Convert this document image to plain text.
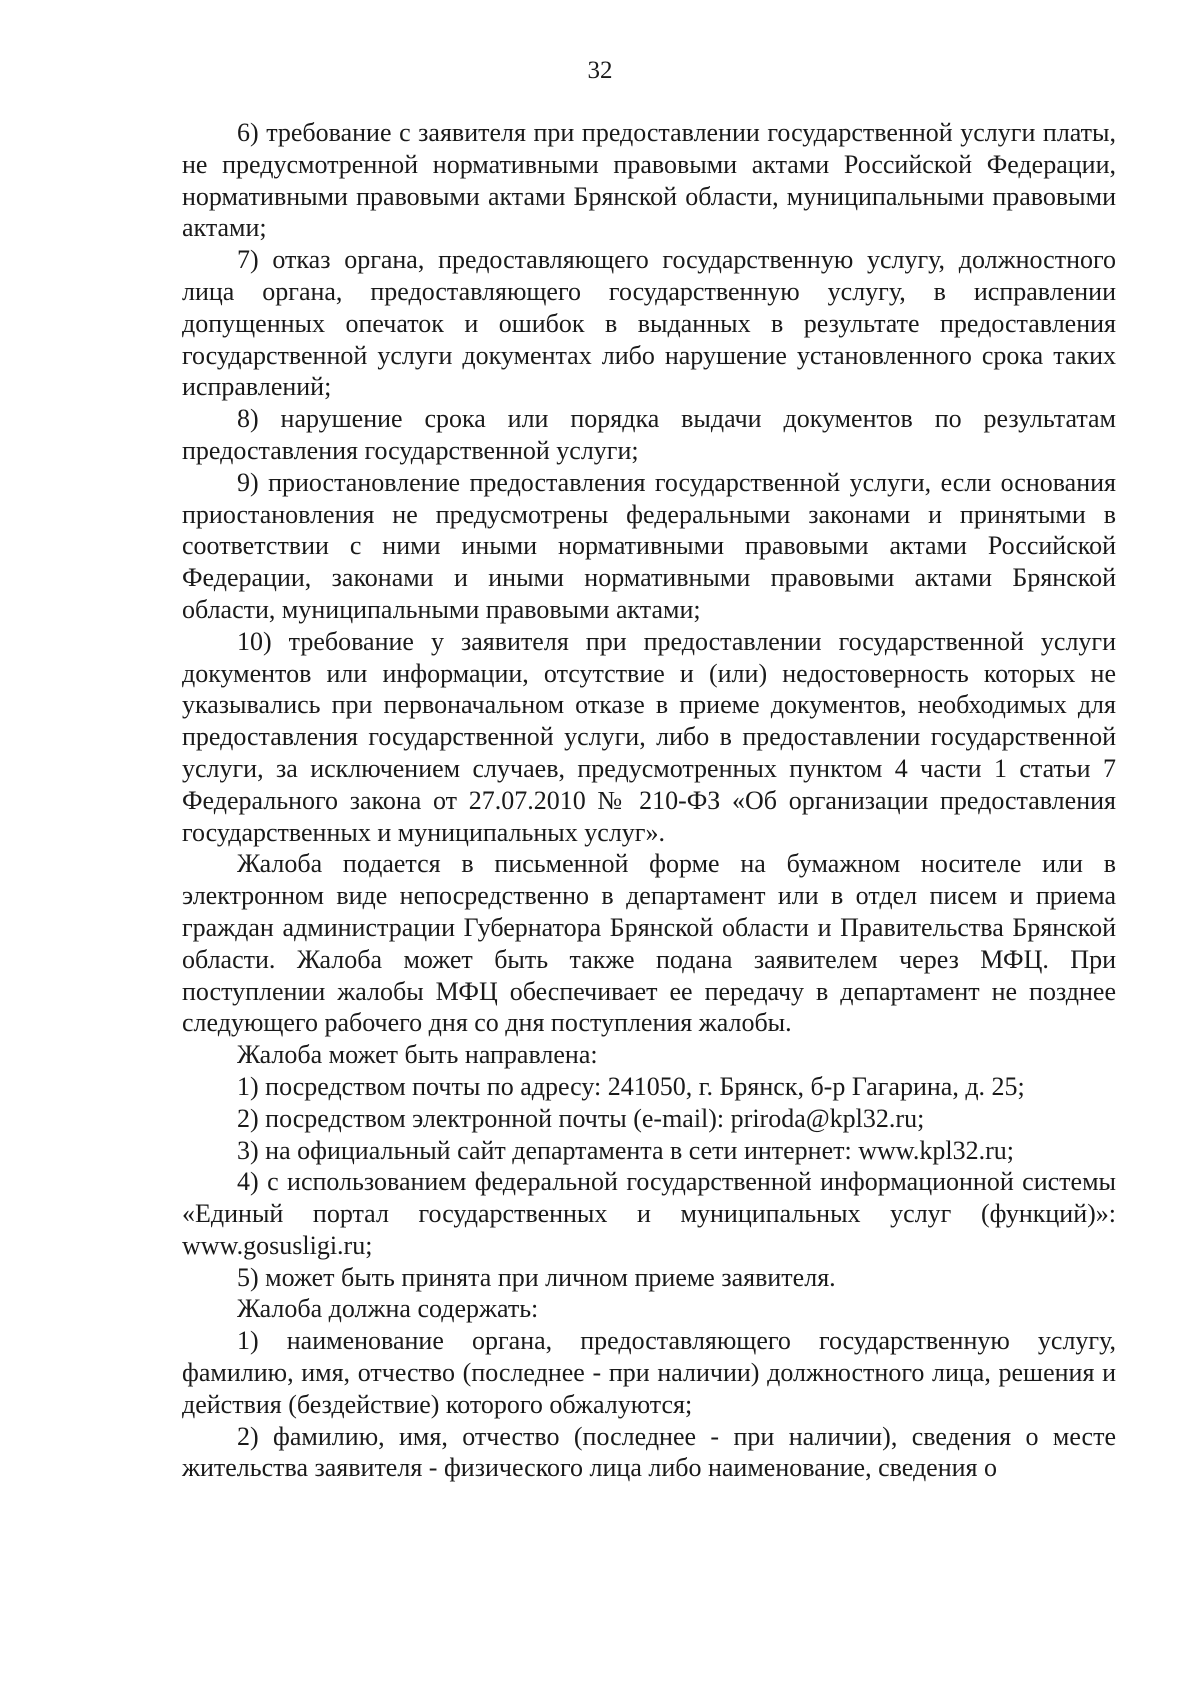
32

6) требование с заявителя при предоставлении государственной услуги платы, не предусмотренной нормативными правовыми актами Российской Федерации, нормативными правовыми актами Брянской области, муниципальными правовыми актами;

7) отказ органа, предоставляющего государственную услугу, должностного лица органа, предоставляющего государственную услугу, в исправлении допущенных опечаток и ошибок в выданных в результате предоставления государственной услуги документах либо нарушение установленного срока таких исправлений;

8) нарушение срока или порядка выдачи документов по результатам предоставления государственной услуги;

9) приостановление предоставления государственной услуги, если основания приостановления не предусмотрены федеральными законами и принятыми в соответствии с ними иными нормативными правовыми актами Российской Федерации, законами и иными нормативными правовыми актами Брянской области, муниципальными правовыми актами;

10) требование у заявителя при предоставлении государственной услуги документов или информации, отсутствие и (или) недостоверность которых не указывались при первоначальном отказе в приеме документов, необходимых для предоставления государственной услуги, либо в предоставлении государственной услуги, за исключением случаев, предусмотренных пунктом 4 части 1 статьи 7 Федерального закона от 27.07.2010 № 210-ФЗ «Об организации предоставления государственных и муниципальных услуг».

Жалоба подается в письменной форме на бумажном носителе или в электронном виде непосредственно в департамент или в отдел писем и приема граждан администрации Губернатора Брянской области и Правительства Брянской области. Жалоба может быть также подана заявителем через МФЦ. При поступлении жалобы МФЦ обеспечивает ее передачу в департамент не позднее следующего рабочего дня со дня поступления жалобы.

Жалоба может быть направлена:

1) посредством почты по адресу: 241050, г. Брянск, б-р Гагарина, д. 25;

2) посредством электронной почты (e-mail): priroda@kpl32.ru;

3) на официальный сайт департамента в сети интернет: www.kpl32.ru;

4) с использованием федеральной государственной информационной системы «Единый портал государственных и муниципальных услуг (функций)»: www.gosusligi.ru;

5) может быть принята при личном приеме заявителя.

Жалоба должна содержать:

1) наименование органа, предоставляющего государственную услугу, фамилию, имя, отчество (последнее - при наличии) должностного лица, решения и действия (бездействие) которого обжалуются;

2) фамилию, имя, отчество (последнее - при наличии), сведения о месте жительства заявителя - физического лица либо наименование, сведения о
